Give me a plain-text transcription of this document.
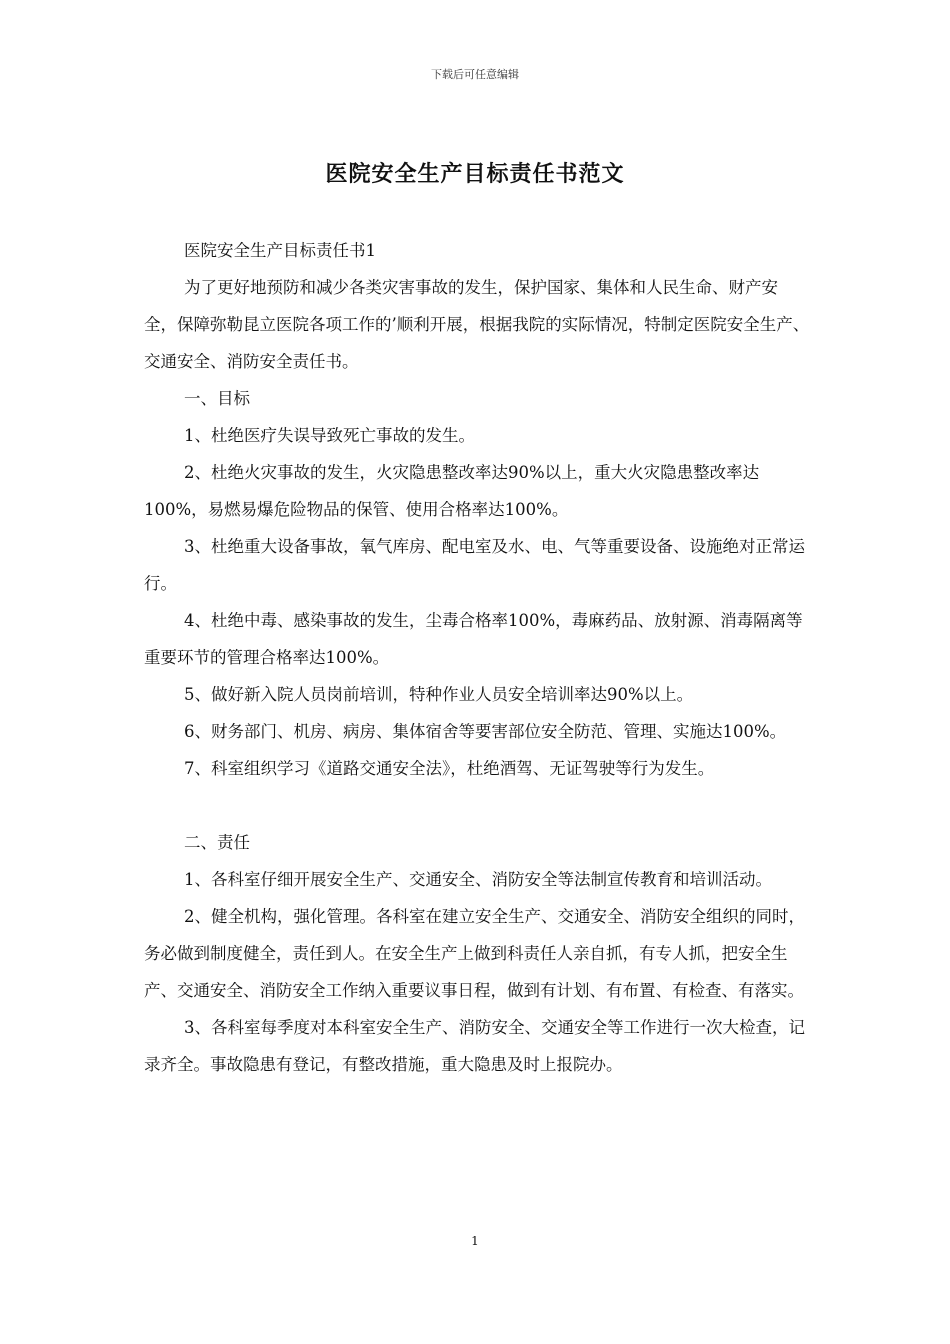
下载后可任意编辑
医院安全生产目标责任书范文

医院安全生产目标责任书1

为了更好地预防和减少各类灾害事故的发生，保护国家、集体和人民生命、财产安全，保障弥勒昆立医院各项工作的’顺利开展，根据我院的实际情况，特制定医院安全生产、交通安全、消防安全责任书。

一、目标

1、杜绝医疗失误导致死亡事故的发生。

2、杜绝火灾事故的发生，火灾隐患整改率达90%以上，重大火灾隐患整改率达100%，易燃易爆危险物品的保管、使用合格率达100%。

3、杜绝重大设备事故，氧气库房、配电室及水、电、气等重要设备、设施绝对正常运行。

4、杜绝中毒、感染事故的发生，尘毒合格率100%，毒麻药品、放射源、消毒隔离等重要环节的管理合格率达100%。

5、做好新入院人员岗前培训，特种作业人员安全培训率达90%以上。

6、财务部门、机房、病房、集体宿舍等要害部位安全防范、管理、实施达100%。

7、科室组织学习《道路交通安全法》，杜绝酒驾、无证驾驶等行为发生。

二、责任

1、各科室仔细开展安全生产、交通安全、消防安全等法制宣传教育和培训活动。

2、健全机构，强化管理。各科室在建立安全生产、交通安全、消防安全组织的同时，务必做到制度健全，责任到人。在安全生产上做到科责任人亲自抓，有专人抓，把安全生产、交通安全、消防安全工作纳入重要议事日程，做到有计划、有布置、有检查、有落实。

3、各科室每季度对本科室安全生产、消防安全、交通安全等工作进行一次大检查，记录齐全。事故隐患有登记，有整改措施，重大隐患及时上报院办。

1
